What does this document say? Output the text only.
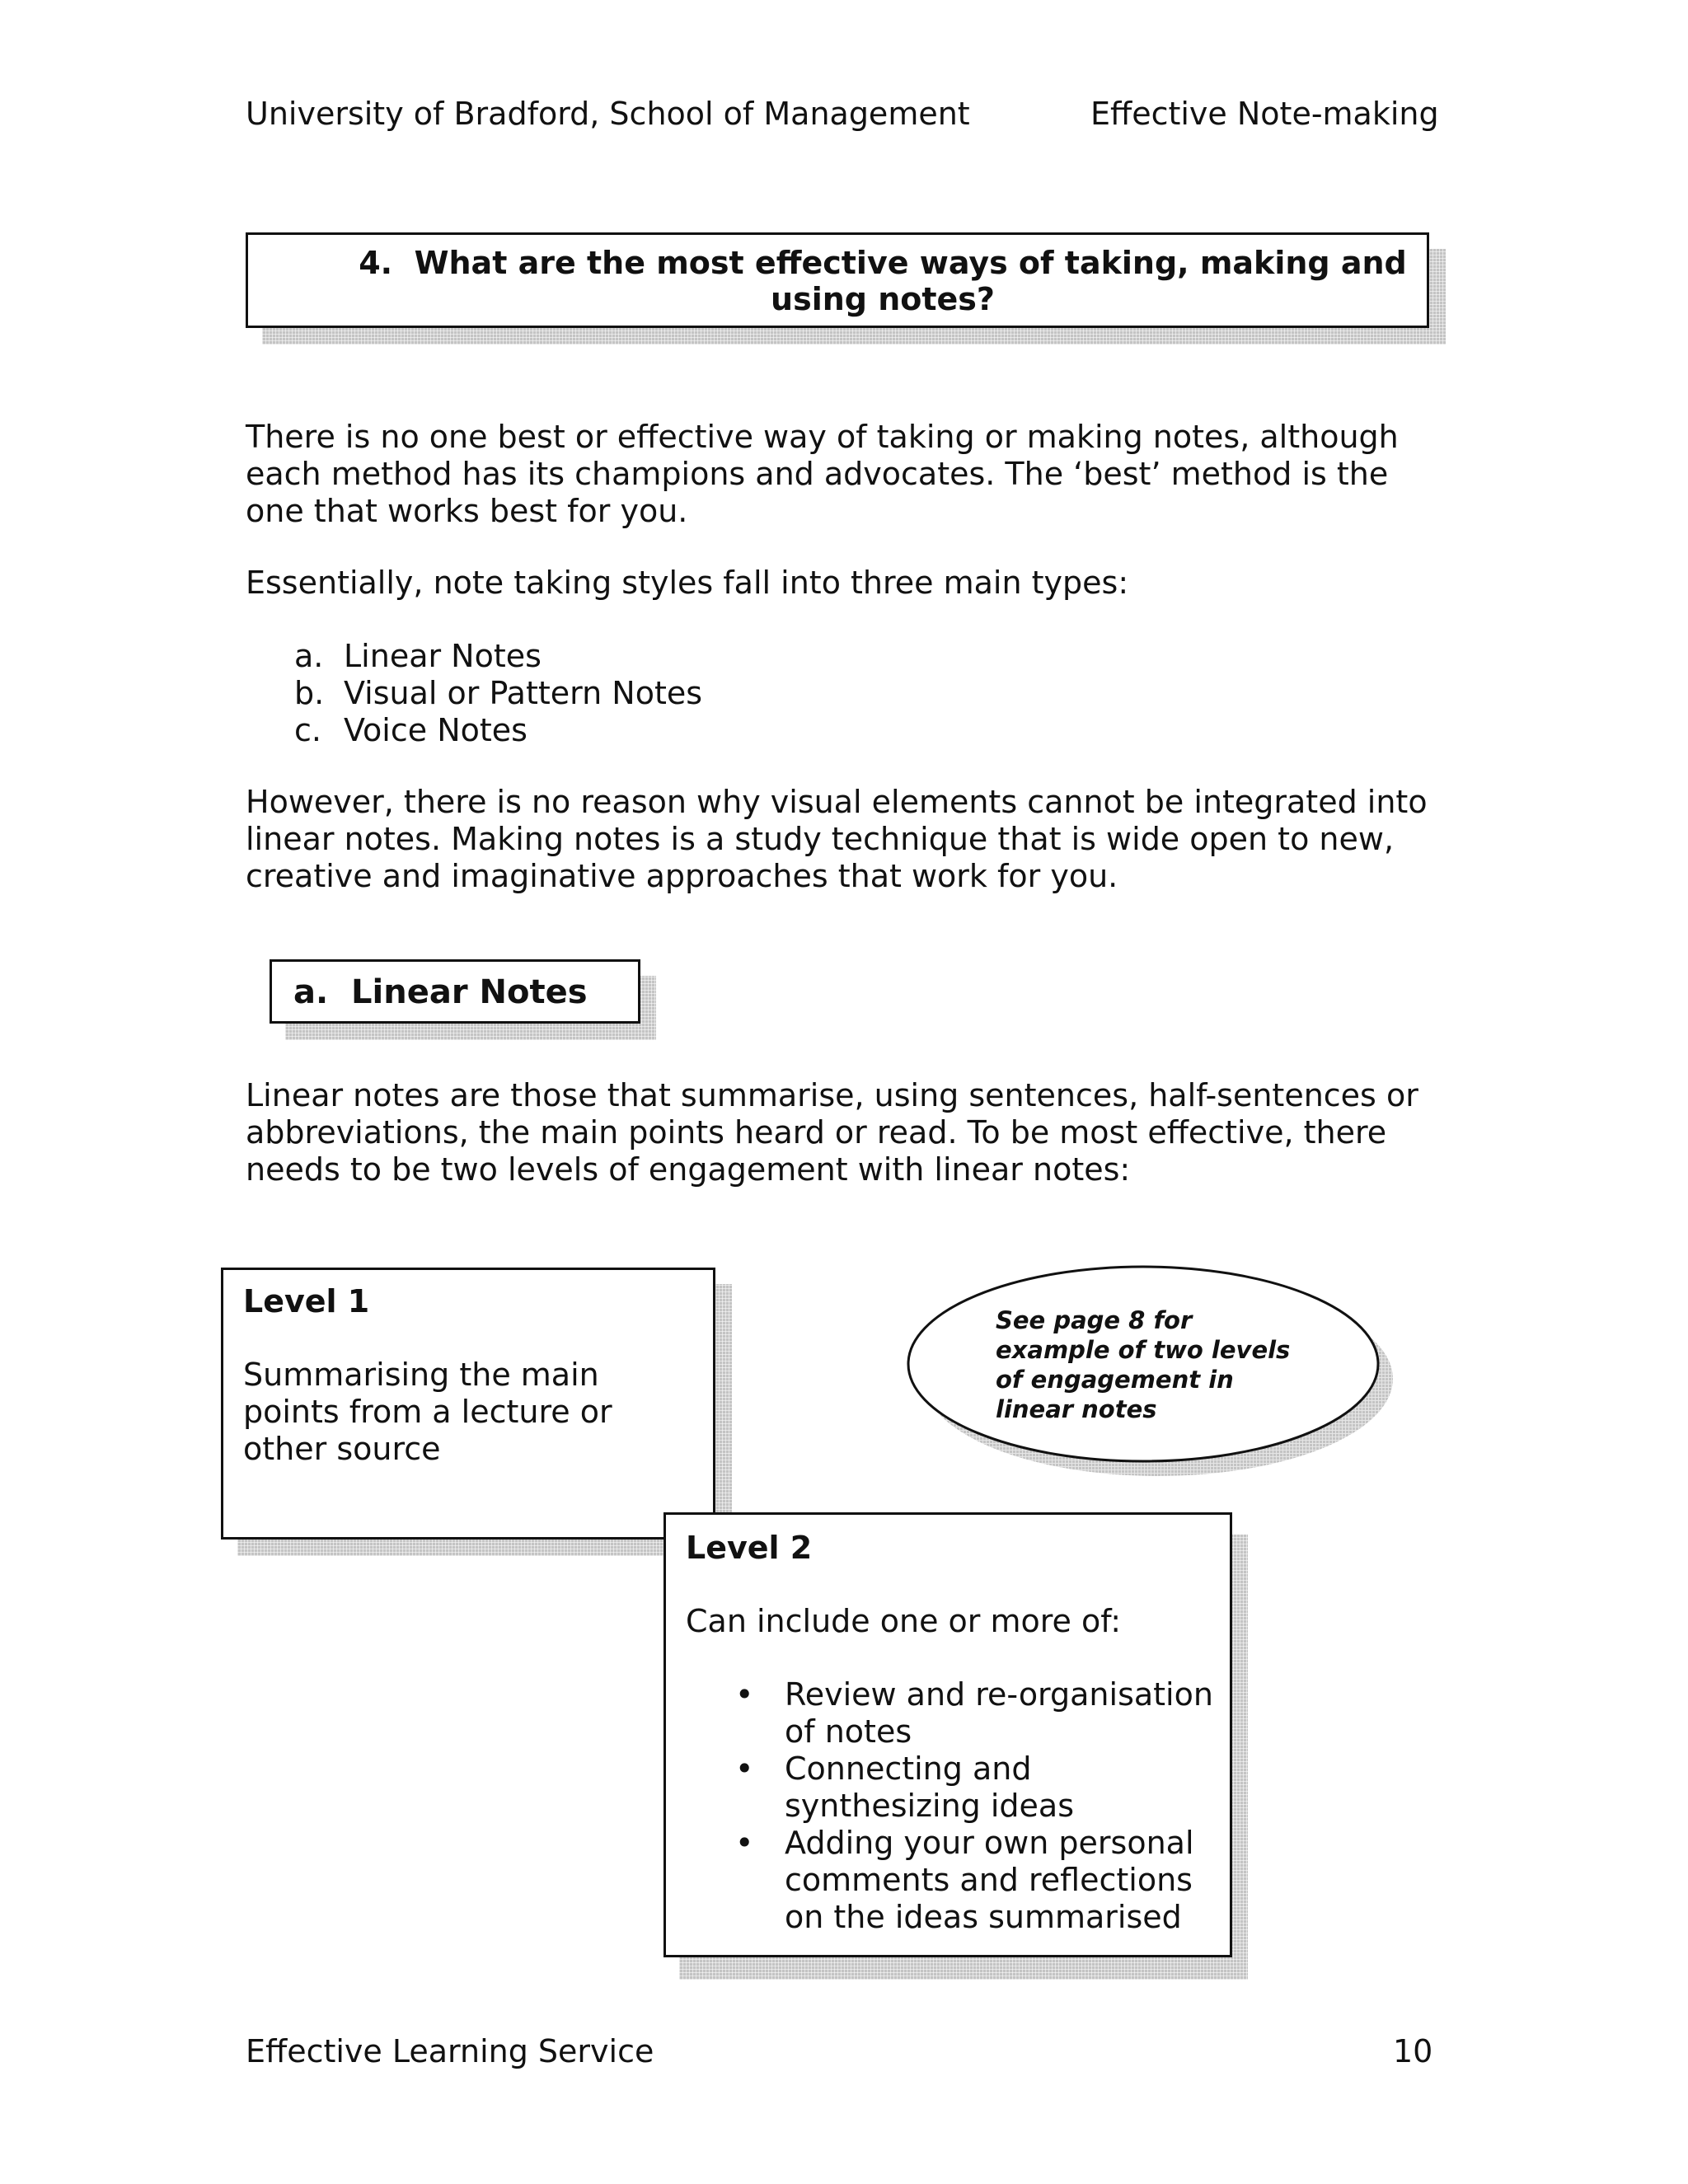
University of Bradford, School of Management	Effective Note-making
4. What are the most effective ways of taking, making and
using notes?
There is no one best or effective way of taking or making notes, although each method has its champions and advocates. The ‘best’ method is the one that works best for you.
Essentially, note taking styles fall into three main types:
a. Linear Notes
b. Visual or Pattern Notes
c. Voice Notes
However, there is no reason why visual elements cannot be integrated into linear notes. Making notes is a study technique that is wide open to new, creative and imaginative approaches that work for you.
a. Linear Notes
Linear notes are those that summarise, using sentences, half-sentences or abbreviations, the main points heard or read. To be most effective, there needs to be two levels of engagement with linear notes:
Level 1
Summarising the main points from a lecture or other source
See page 8 for example of two levels of engagement in linear notes
Level 2
Can include one or more of:
• Review and re-organisation of notes
• Connecting and synthesizing ideas
• Adding your own personal comments and reflections on the ideas summarised
Effective Learning Service	10
